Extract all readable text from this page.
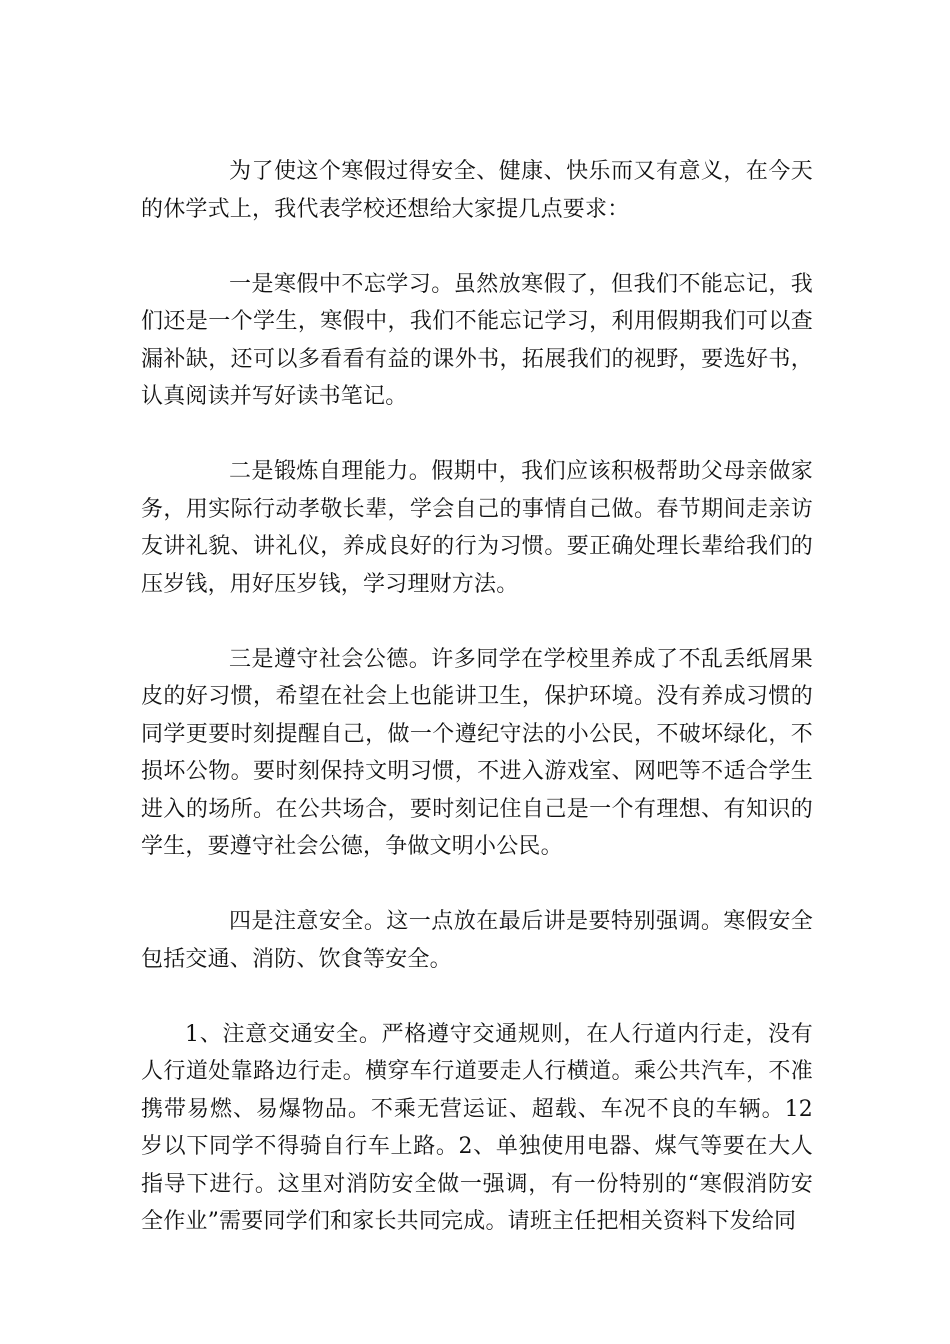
为了使这个寒假过得安全、健康、快乐而又有意义，在今天的休学式上，我代表学校还想给大家提几点要求：

一是寒假中不忘学习。虽然放寒假了，但我们不能忘记，我们还是一个学生，寒假中，我们不能忘记学习，利用假期我们可以查漏补缺，还可以多看看有益的课外书，拓展我们的视野，要选好书，认真阅读并写好读书笔记。

二是锻炼自理能力。假期中，我们应该积极帮助父母亲做家务，用实际行动孝敬长辈，学会自己的事情自己做。春节期间走亲访友讲礼貌、讲礼仪，养成良好的行为习惯。要正确处理长辈给我们的压岁钱，用好压岁钱，学习理财方法。

三是遵守社会公德。许多同学在学校里养成了不乱丢纸屑果皮的好习惯，希望在社会上也能讲卫生，保护环境。没有养成习惯的同学更要时刻提醒自己，做一个遵纪守法的小公民，不破坏绿化，不损坏公物。要时刻保持文明习惯，不进入游戏室、网吧等不适合学生进入的场所。在公共场合，要时刻记住自己是一个有理想、有知识的学生，要遵守社会公德，争做文明小公民。

四是注意安全。这一点放在最后讲是要特别强调。寒假安全包括交通、消防、饮食等安全。

1、注意交通安全。严格遵守交通规则，在人行道内行走，没有人行道处靠路边行走。横穿车行道要走人行横道。乘公共汽车，不准携带易燃、易爆物品。不乘无营运证、超载、车况不良的车辆。12岁以下同学不得骑自行车上路。2、单独使用电器、煤气等要在大人指导下进行。这里对消防安全做一强调，有一份特别的“寒假消防安全作业”需要同学们和家长共同完成。请班主任把相关资料下发给同
